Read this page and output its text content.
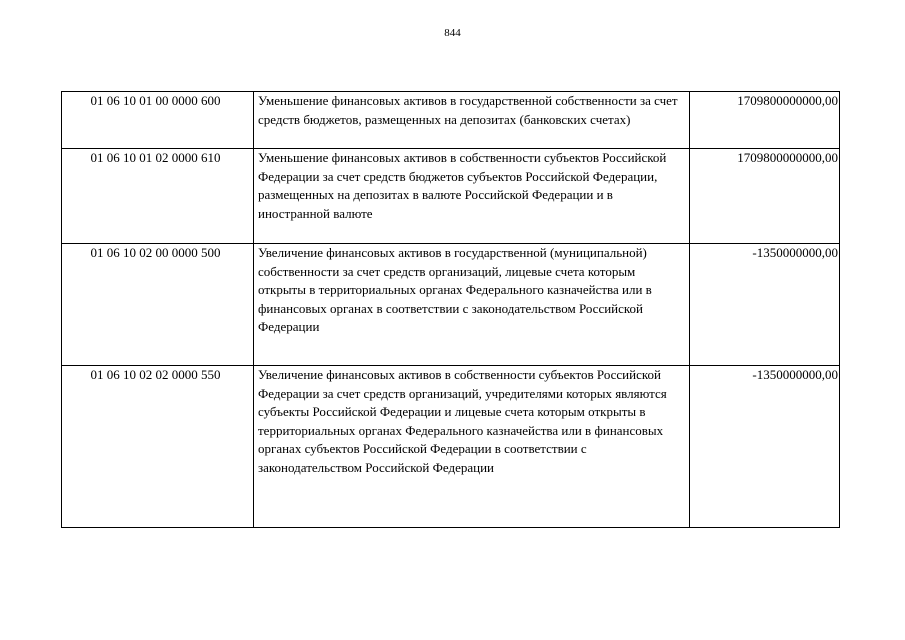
844
01 06 10 01 00 0000 600	Уменьшение финансовых активов в государственной собственности за счет средств бюджетов, размещенных на депозитах (банковских счетах)	1709800000000,00
01 06 10 01 02 0000 610	Уменьшение финансовых активов в собственности субъектов Российской Федерации за счет средств бюджетов субъектов Российской Федерации, размещенных на депозитах в валюте Российской Федерации и в иностранной валюте	1709800000000,00
01 06 10 02 00 0000 500	Увеличение финансовых активов в государственной (муниципальной) собственности за счет средств организаций, лицевые счета которым открыты в территориальных органах Федерального казначейства или в финансовых органах в соответствии с законодательством Российской Федерации	-1350000000,00
01 06 10 02 02 0000 550	Увеличение финансовых активов в собственности субъектов Российской Федерации за счет средств организаций, учредителями которых являются субъекты Российской Федерации и лицевые счета которым открыты в территориальных органах Федерального казначейства или в финансовых органах субъектов Российской Федерации в соответствии с законодательством Российской Федерации	-1350000000,00
